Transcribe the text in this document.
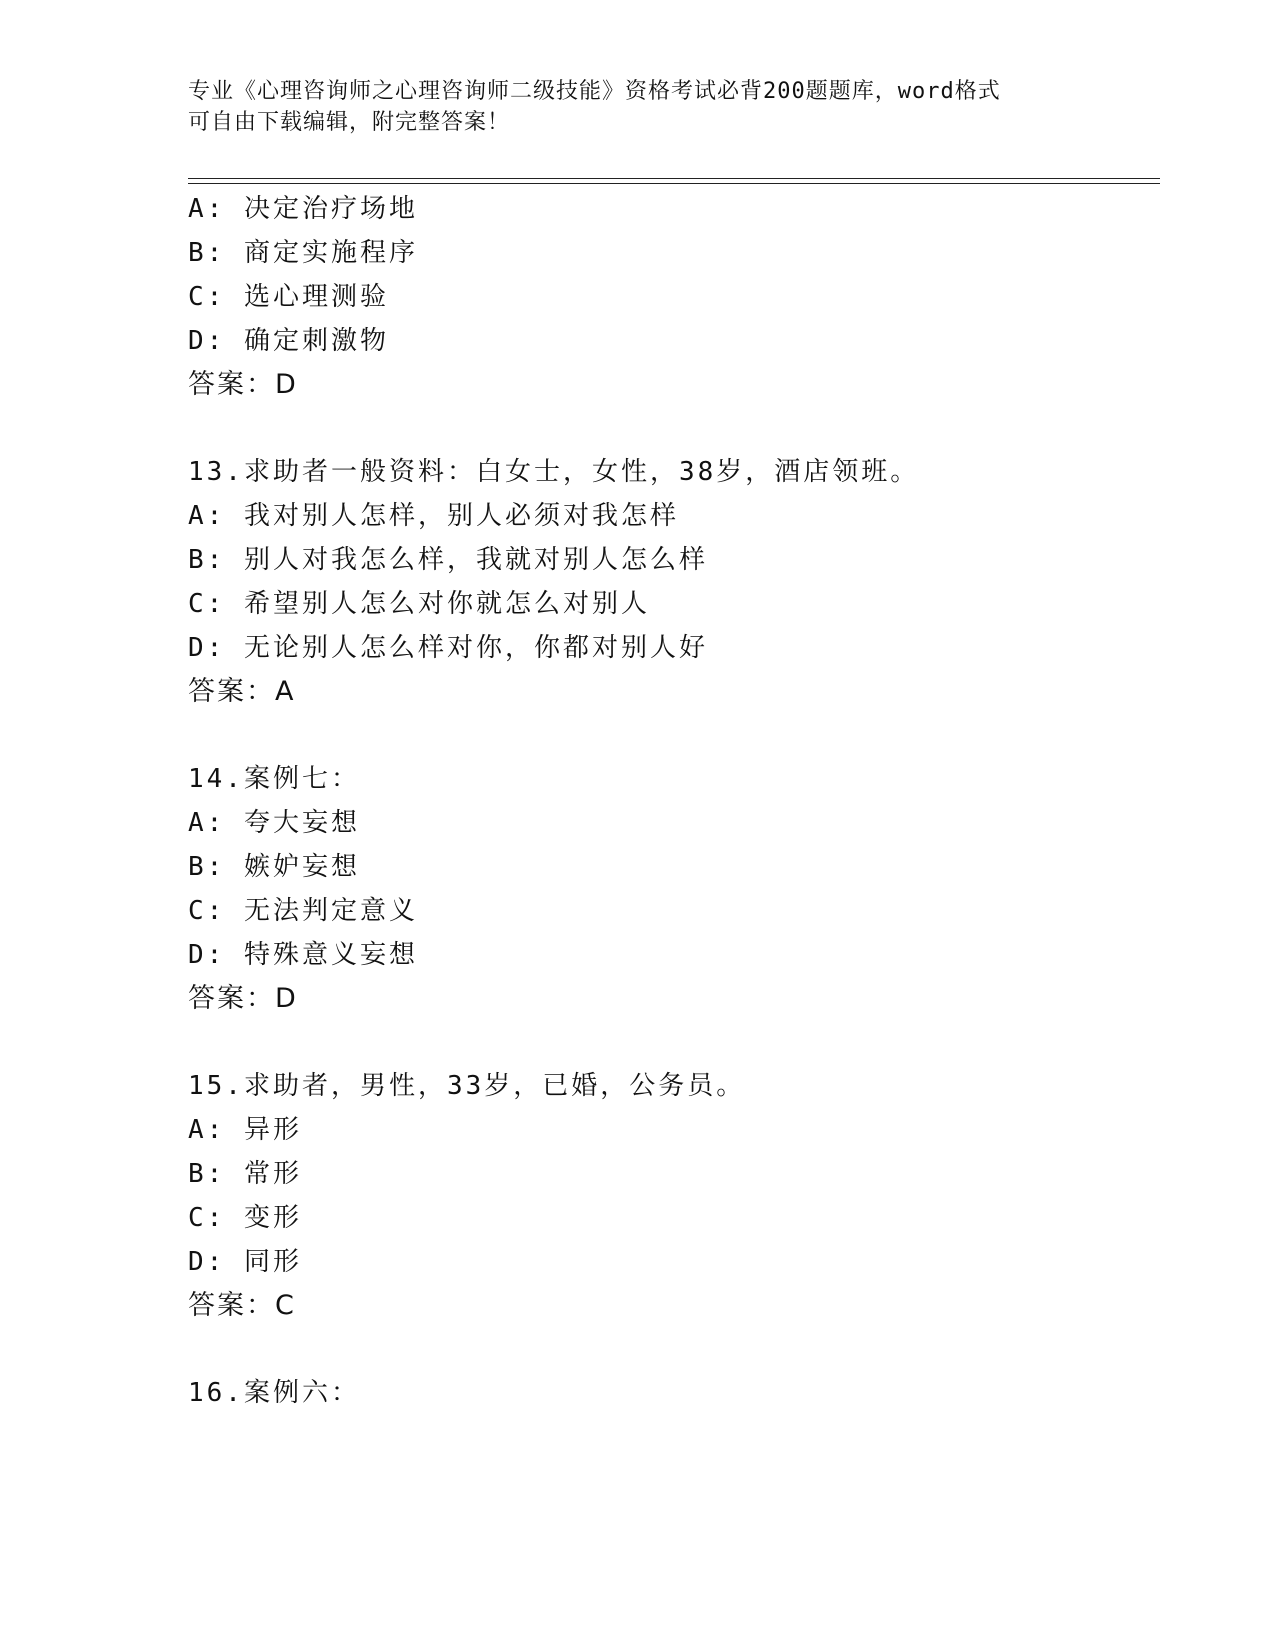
专业《心理咨询师之心理咨询师二级技能》资格考试必背200题题库，word格式
可自由下载编辑，附完整答案！
A: 决定治疗场地
B: 商定实施程序
C: 选心理测验
D: 确定刺激物
答案：D
13.求助者一般资料：白女士，女性，38岁，酒店领班。
A: 我对别人怎样，别人必须对我怎样
B: 别人对我怎么样，我就对别人怎么样
C: 希望别人怎么对你就怎么对别人
D: 无论别人怎么样对你，你都对别人好
答案：A
14.案例七：
A: 夸大妄想
B: 嫉妒妄想
C: 无法判定意义
D: 特殊意义妄想
答案：D
15.求助者，男性，33岁，已婚，公务员。
A: 异形
B: 常形
C: 变形
D: 同形
答案：C
16.案例六：
